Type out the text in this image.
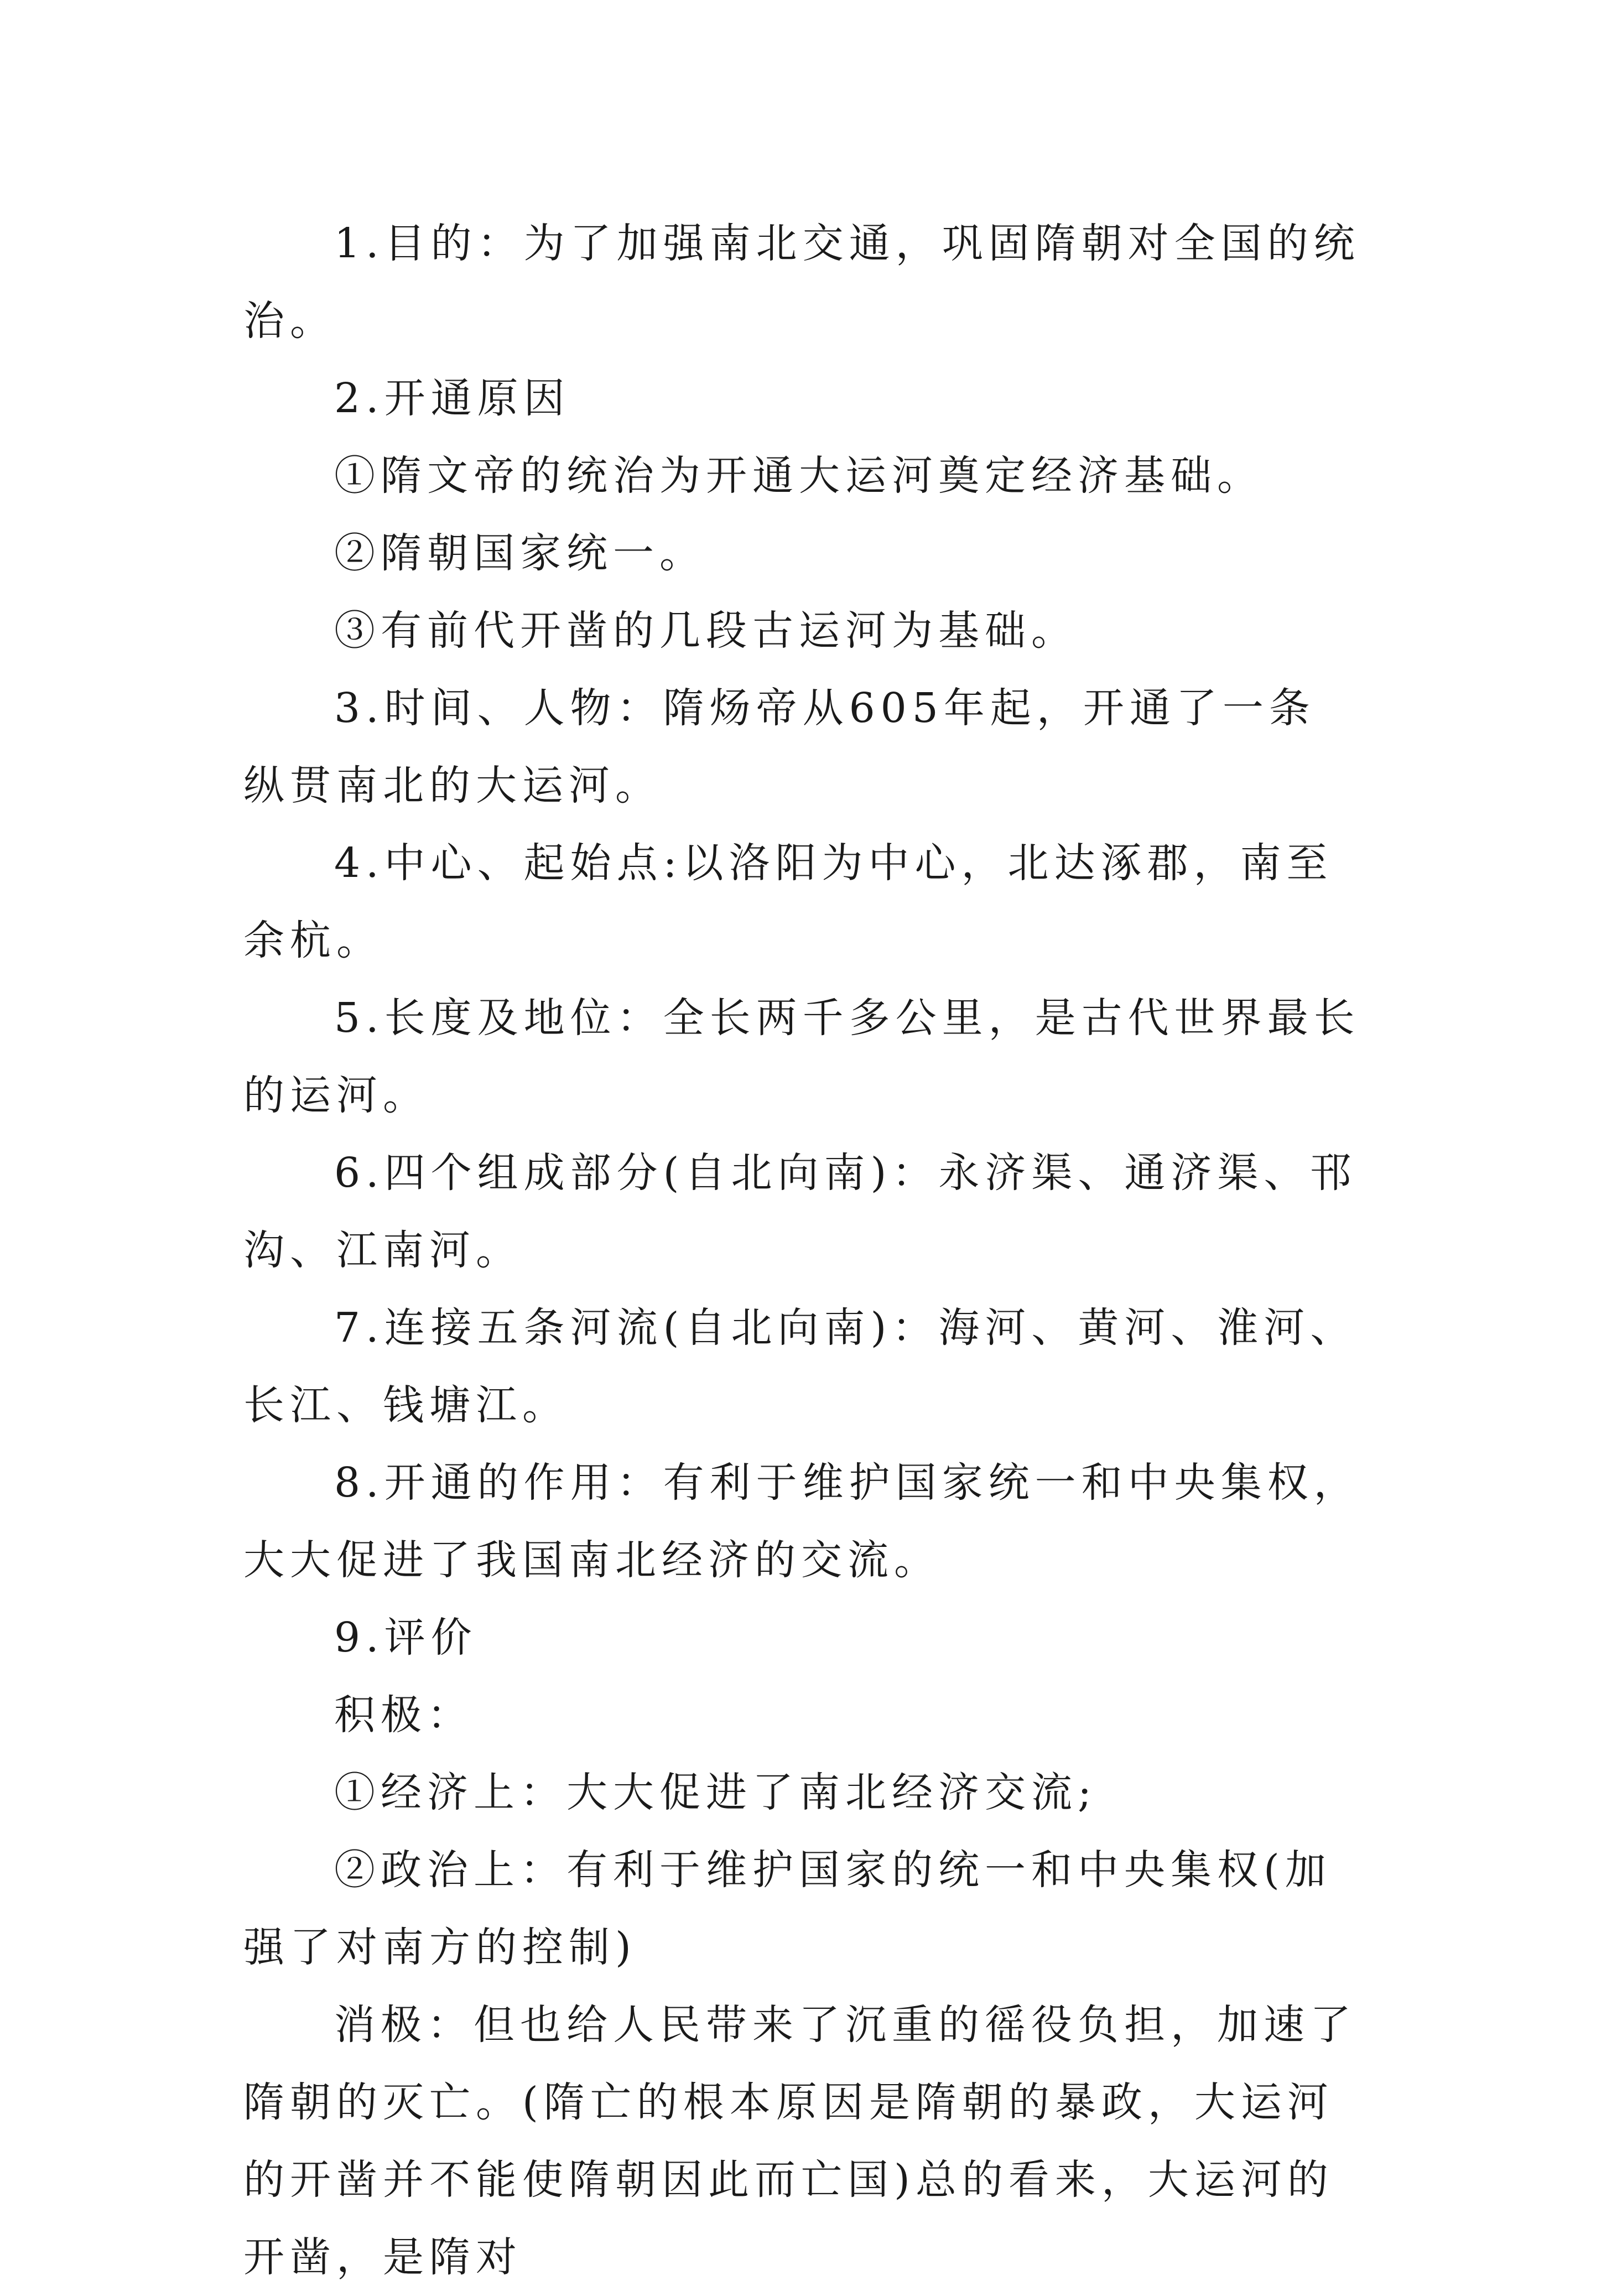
1.目的：为了加强南北交通，巩固隋朝对全国的统治。

2.开通原因

①隋文帝的统治为开通大运河奠定经济基础。

②隋朝国家统一。

③有前代开凿的几段古运河为基础。

3.时间、人物：隋炀帝从605年起，开通了一条纵贯南北的大运河。

4.中心、起始点:以洛阳为中心，北达涿郡，南至余杭。

5.长度及地位：全长两千多公里，是古代世界最长的运河。

6.四个组成部分(自北向南)：永济渠、通济渠、邗沟、江南河。

7.连接五条河流(自北向南)：海河、黄河、淮河、长江、钱塘江。

8.开通的作用：有利于维护国家统一和中央集权，大大促进了我国南北经济的交流。

9.评价

积极：

①经济上：大大促进了南北经济交流;

②政治上：有利于维护国家的统一和中央集权(加强了对南方的控制)

消极：但也给人民带来了沉重的徭役负担，加速了隋朝的灭亡。(隋亡的根本原因是隋朝的暴政，大运河的开凿并不能使隋朝因此而亡国)总的看来，大运河的开凿，是隋对
